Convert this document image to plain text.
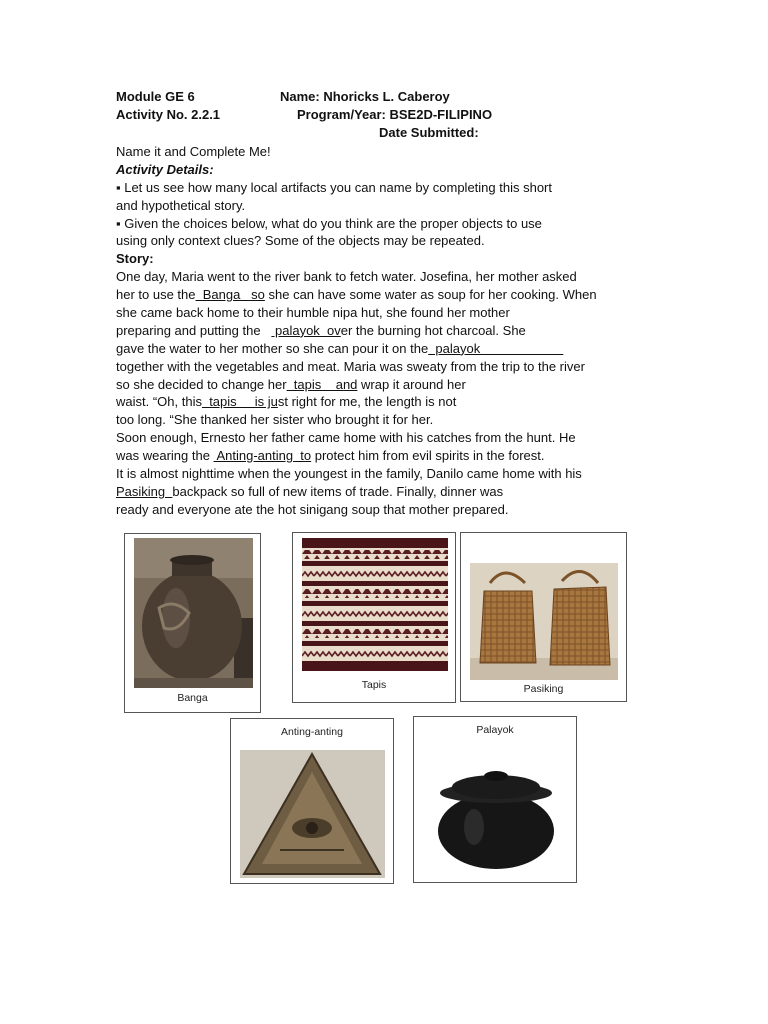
Module GE 6	Name: Nhoricks L. Caberoy
Activity No. 2.2.1	Program/Year: BSE2D-FILIPINO
Date Submitted:
Name it and Complete Me!
Activity Details:
▪ Let us see how many local artifacts you can name by completing this short
and hypothetical story.
▪ Given the choices below, what do you think are the proper objects to use
using only context clues? Some of the objects may be repeated.
Story:
One day, Maria went to the river bank to fetch water. Josefina, her mother asked
her to use the  Banga   so she can have some water as soup for her cooking. When
she came back home to their humble nipa hut, she found her mother
preparing and putting the    palayok  over the burning hot charcoal. She
gave the water to her mother so she can pour it on the  palayok
together with the vegetables and meat. Maria was sweaty from the trip to the river
so she decided to change her  tapis    and wrap it around her
waist. “Oh, this  tapis     is just right for me, the length is not
too long. “She thanked her sister who brought it for her.
Soon enough, Ernesto her father came home with his catches from the hunt. He
was wearing the  Anting-anting  to protect him from evil spirits in the forest.
It is almost nighttime when the youngest in the family, Danilo came home with his
Pasiking  backpack so full of new items of trade. Finally, dinner was
ready and everyone ate the hot sinigang soup that mother prepared.
Banga
Tapis	Pasiking
Anting-anting	Palayok
